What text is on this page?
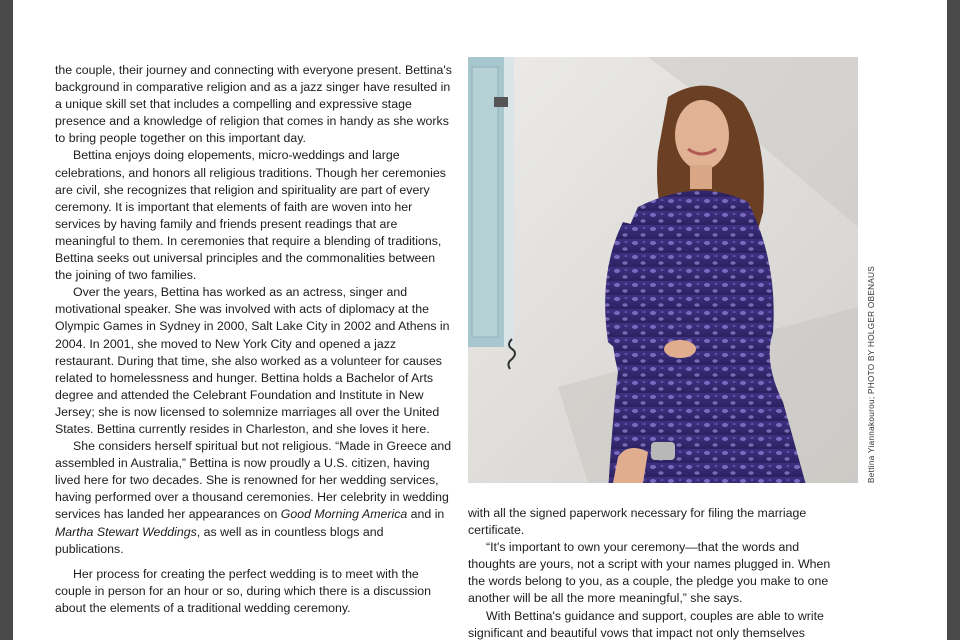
the couple, their journey and connecting with everyone present. Bettina's background in comparative religion and as a jazz singer have resulted in a unique skill set that includes a compelling and expressive stage presence and a knowledge of religion that comes in handy as she works to bring people together on this important day.

Bettina enjoys doing elopements, micro-weddings and large celebrations, and honors all religious traditions. Though her ceremonies are civil, she recognizes that religion and spirituality are part of every ceremony. It is important that elements of faith are woven into her services by having family and friends present readings that are meaningful to them. In ceremonies that require a blending of traditions, Bettina seeks out universal principles and the commonalities between the joining of two families.

Over the years, Bettina has worked as an actress, singer and motivational speaker. She was involved with acts of diplomacy at the Olympic Games in Sydney in 2000, Salt Lake City in 2002 and Athens in 2004. In 2001, she moved to New York City and opened a jazz restaurant. During that time, she also worked as a volunteer for causes related to homelessness and hunger. Bettina holds a Bachelor of Arts degree and attended the Celebrant Foundation and Institute in New Jersey; she is now licensed to solemnize marriages all over the United States. Bettina currently resides in Charleston, and she loves it here.

She considers herself spiritual but not religious. “Made in Greece and assembled in Australia,” Bettina is now proudly a U.S. citizen, having lived here for two decades. She is renowned for her wedding services, having performed over a thousand ceremonies. Her celebrity in wedding services has landed her appearances on Good Morning America and in Martha Stewart Weddings, as well as in countless blogs and publications.

Her process for creating the perfect wedding is to meet with the couple in person for an hour or so, during which there is a discussion about the elements of a traditional wedding ceremony.

Bettina Yiannakourou; PHOTO BY HOLGER OBENAUS

with all the signed paperwork necessary for filing the marriage certificate.

“It's important to own your ceremony—that the words and thoughts are yours, not a script with your names plugged in. When the words belong to you, as a couple, the pledge you make to one another will be all the more meaningful,” she says.

With Bettina's guidance and support, couples are able to write significant and beautiful vows that impact not only themselves
